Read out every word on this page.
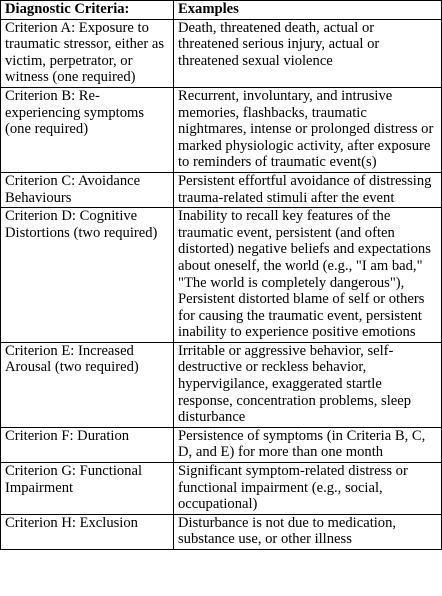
Diagnostic Criteria:	Examples
Criterion A: Exposure to traumatic stressor, either as victim, perpetrator, or witness (one required)	Death, threatened death, actual or threatened serious injury, actual or threatened sexual violence
Criterion B: Re-experiencing symptoms (one required)	Recurrent, involuntary, and intrusive memories, flashbacks, traumatic nightmares, intense or prolonged distress or marked physiologic activity, after exposure to reminders of traumatic event(s)
Criterion C: Avoidance Behaviours	Persistent effortful avoidance of distressing trauma-related stimuli after the event
Criterion D: Cognitive Distortions (two required)	Inability to recall key features of the traumatic event, persistent (and often distorted) negative beliefs and expectations about oneself, the world (e.g., "I am bad," "The world is completely dangerous"), Persistent distorted blame of self or others for causing the traumatic event, persistent inability to experience positive emotions
Criterion E: Increased Arousal (two required)	Irritable or aggressive behavior, self-destructive or reckless behavior, hypervigilance, exaggerated startle response, concentration problems, sleep disturbance
Criterion F: Duration	Persistence of symptoms (in Criteria B, C, D, and E) for more than one month
Criterion G: Functional Impairment	Significant symptom-related distress or functional impairment (e.g., social, occupational)
Criterion H: Exclusion	Disturbance is not due to medication, substance use, or other illness
